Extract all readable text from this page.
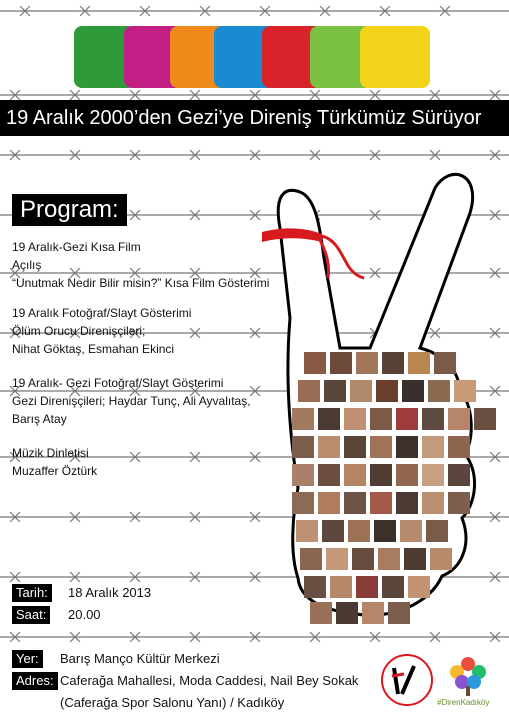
19 Aralık 2000’den Gezi’ye Direniş Türkümüz Sürüyor
Program:
19 Aralık-Gezi Kısa Film
Açılış
“Unutmak Nedir Bilir misin?” Kısa Film Gösterimi
19 Aralık Fotoğraf/Slayt Gösterimi
Ölüm Orucu Direnişçileri;
Nihat Göktaş, Esmahan Ekinci
19 Aralık- Gezi Fotoğraf/Slayt Gösterimi
Gezi Direnişçileri; Haydar Tunç, Ali Ayvalıtaş,
Barış Atay
Müzik Dinletisi
Muzaffer Öztürk
Tarih:	18 Aralık 2013
Saat:	20.00
Yer:	Barış Manço Kültür Merkezi
Adres: Caferağa Mahallesi, Moda Caddesi, Nail Bey Sokak
(Caferağa Spor Salonu Yanı) / Kadıköy	#DirenKadıköy
